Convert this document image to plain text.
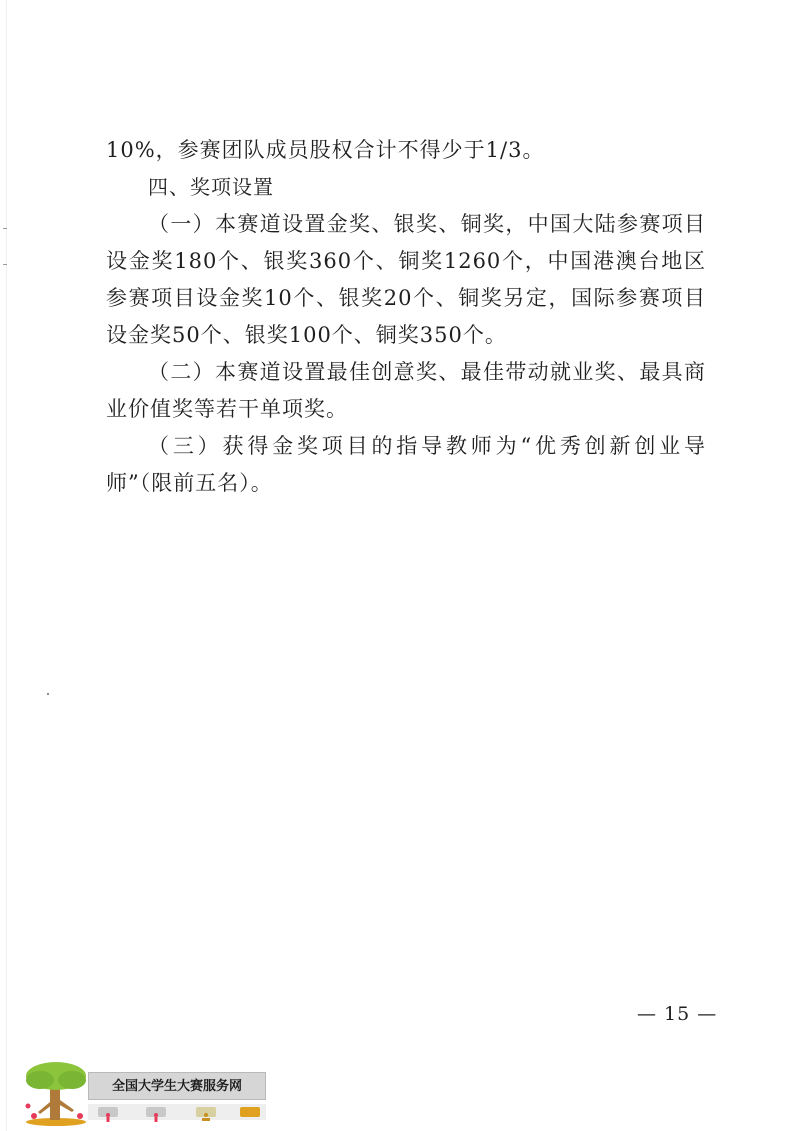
10%，参赛团队成员股权合计不得少于1/3。

四、奖项设置

（一）本赛道设置金奖、银奖、铜奖，中国大陆参赛项目设金奖180个、银奖360个、铜奖1260个，中国港澳台地区参赛项目设金奖10个、银奖20个、铜奖另定，国际参赛项目设金奖50个、银奖100个、铜奖350个。

（二）本赛道设置最佳创意奖、最佳带动就业奖、最具商业价值奖等若干单项奖。

（三）获得金奖项目的指导教师为“优秀创新创业导师”（限前五名）。

— 15 —
全国大学生大赛服务网
